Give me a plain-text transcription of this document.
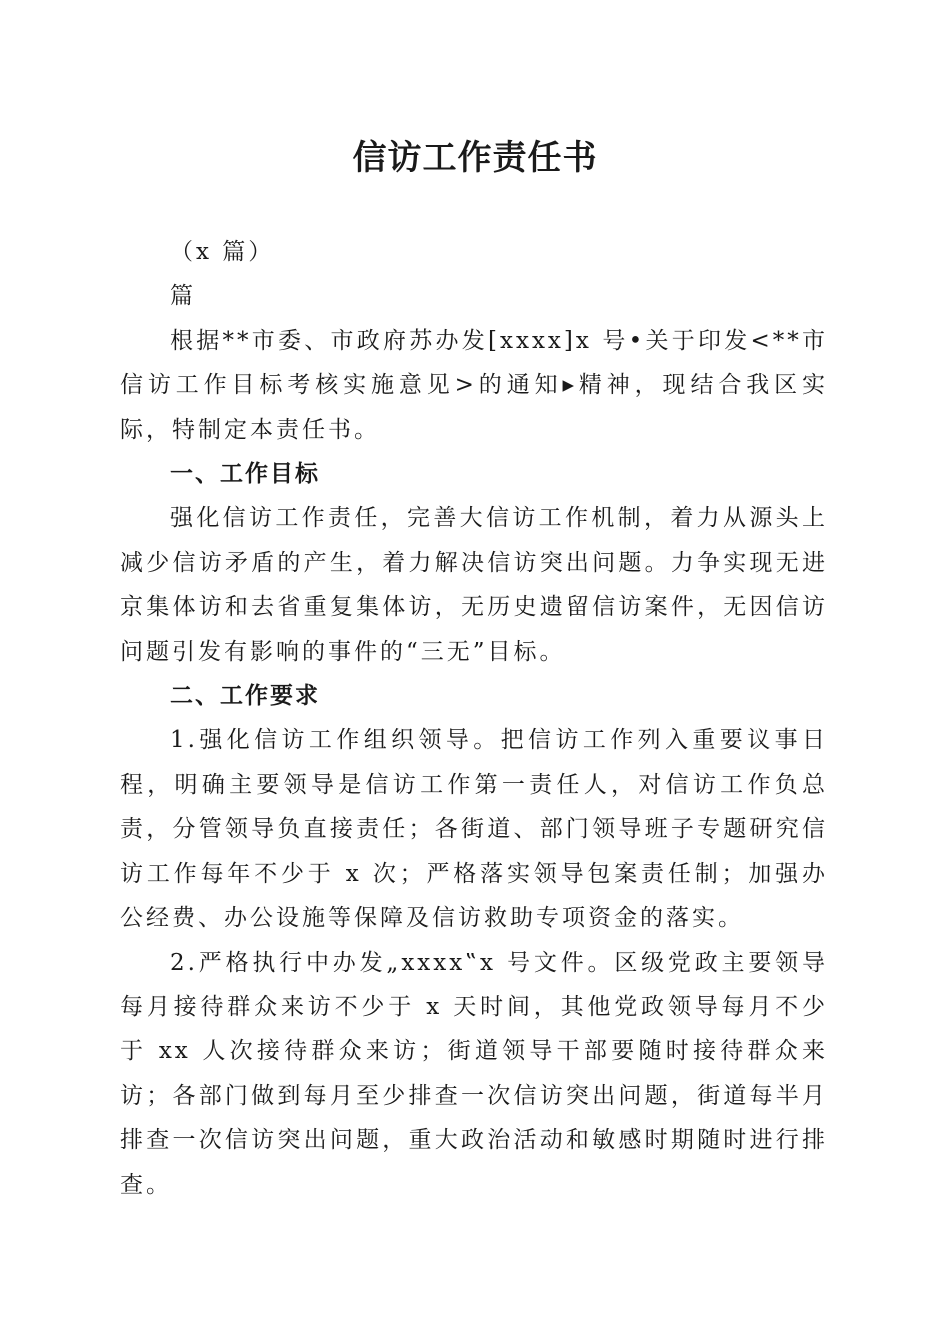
信访工作责任书

（x 篇）

篇

根据**市委、市政府苏办发[xxxx]x 号•关于印发<**市信访工作目标考核实施意见>的通知▸精神，现结合我区实际，特制定本责任书。

一、工作目标

强化信访工作责任，完善大信访工作机制，着力从源头上减少信访矛盾的产生，着力解决信访突出问题。力争实现无进京集体访和去省重复集体访，无历史遗留信访案件，无因信访问题引发有影响的事件的“三无”目标。

二、工作要求

1.强化信访工作组织领导。把信访工作列入重要议事日程，明确主要领导是信访工作第一责任人，对信访工作负总责，分管领导负直接责任；各街道、部门领导班子专题研究信访工作每年不少于 x 次；严格落实领导包案责任制；加强办公经费、办公设施等保障及信访救助专项资金的落实。

2.严格执行中办发„xxxx‟x 号文件。区级党政主要领导每月接待群众来访不少于 x 天时间，其他党政领导每月不少于 xx 人次接待群众来访；街道领导干部要随时接待群众来访；各部门做到每月至少排查一次信访突出问题，街道每半月排查一次信访突出问题，重大政治活动和敏感时期随时进行排查。
